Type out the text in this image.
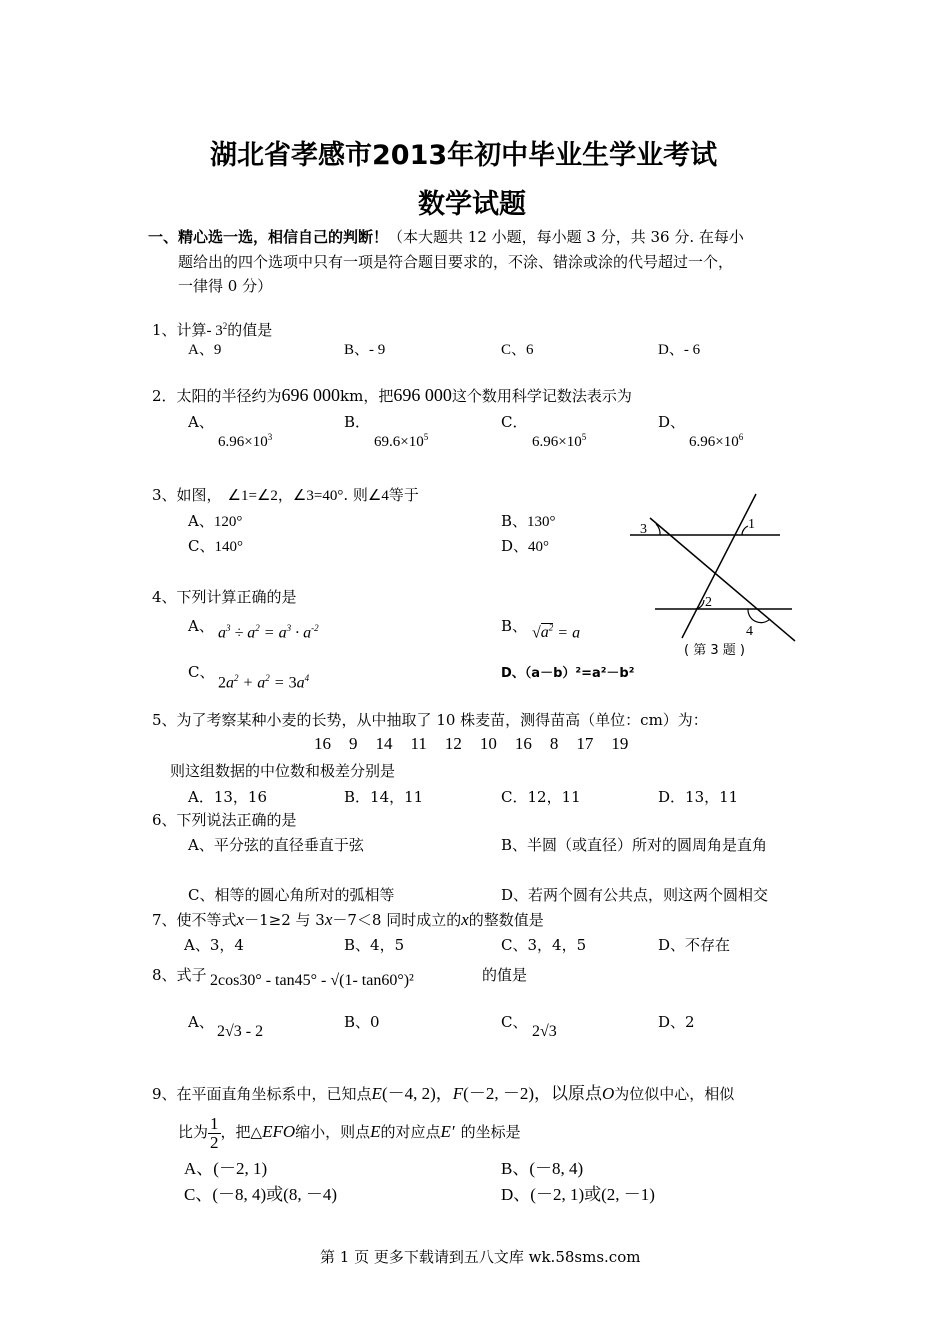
湖北省孝感市2013年初中毕业生学业考试
数学试题
一、精心选一选，相信自己的判断！（本大题共 12 小题，每小题 3 分，共 36 分. 在每小
题给出的四个选项中只有一项是符合题目要求的，不涂、错涂或涂的代号超过一个，
一律得 0 分）
1、计算- $3^2$的值是
A、9	B、- 9	C、6	D、- 6
2．太阳的半径约为696 000km，把696 000这个数用科学记数法表示为
A、
$6.96\times 10^3$
B．
$69.6\times 10^5$
C．
$6.96\times 10^5$
D、
$6.96\times 10^6$
3、如图， ∠1=∠2，∠3=40°. 则∠4等于
A、120°
C、140°
B、130°
D、40°
3	1
2
4
( 第 3 题 )
4、下列计算正确的是
A、 $a^3 \div a^2 = a^3 \cdot a^{-2}$	B、 $√a^2 = a$
C、
$2a^2 + a^2 = 3a^4$	D、（a－b）²=a²－b²
5、为了考察某种小麦的长势，从中抽取了 10 株麦苗，测得苗高（单位：cm）为：
16 9 14 11 12 10 16 8 17 19
则这组数据的中位数和极差分别是
A．13，16	B．14，11	C．12，11	D．13，11
6、下列说法正确的是
A、平分弦的直径垂直于弦	B、半圆（或直径）所对的圆周角是直角
C、相等的圆心角所对的弧相等	D、若两个圆有公共点，则这两个圆相交
7、使不等式x－1≥2 与 3x－7＜8 同时成立的x的整数值是
A、3，4	B、4，5	C、3，4，5	D、不存在
8、式子 2cos30° - tan45° - √(1- tan60°)²	的值是
A、
2√3 - 2
B、0	C、
2√3
D、2
9、在平面直角坐标系中，已知点E(－4, 2)，F(－2, －2)，以原点O为位似中心，相似
比为 $\frac{1}{2}$ ，把△EFO缩小，则点E的对应点E′ 的坐标是
A、(－2, 1)	B、(－8, 4)
C、(－8, 4)或(8, －4)	D、(－2, 1)或(2, －1)
第 1 页 更多下载请到五八文库 wk.58sms.com
